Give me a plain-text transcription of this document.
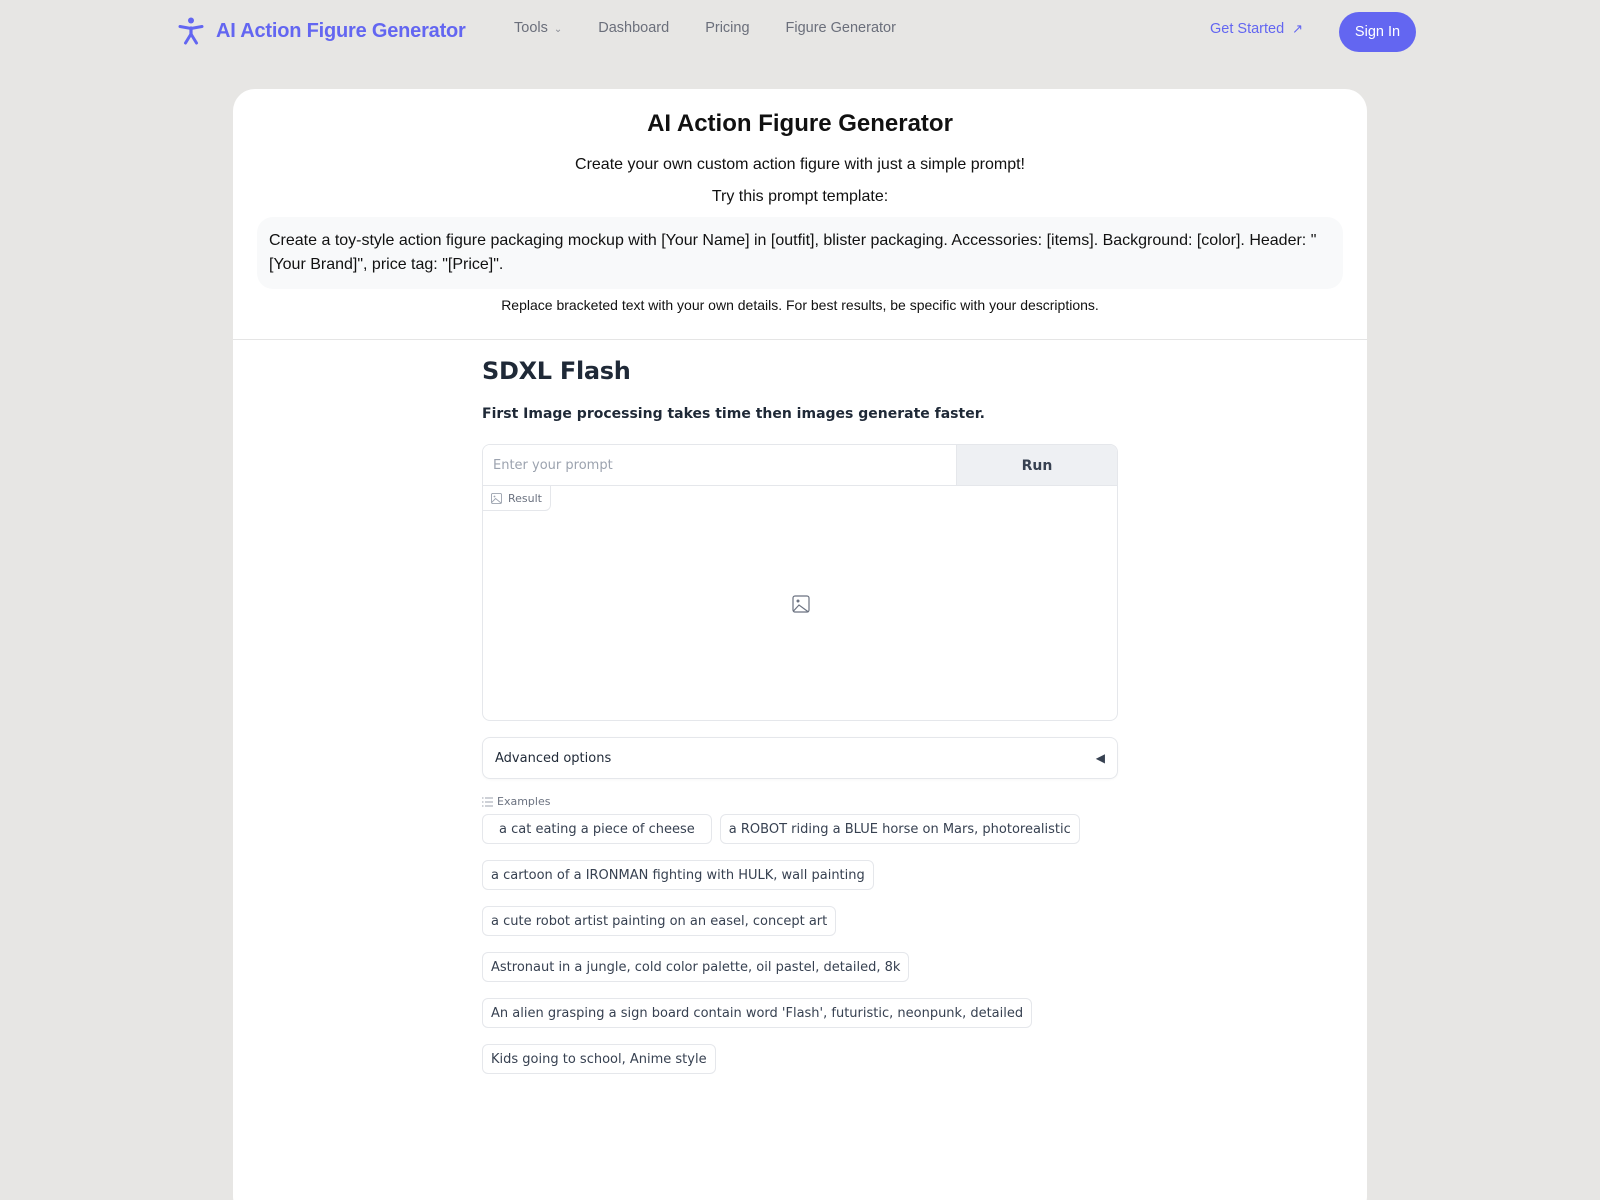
AI Action Figure Generator	Tools ⌄ Dashboard Pricing Figure Generator	Get Started ↗	Sign In
AI Action Figure Generator

Create your own custom action figure with just a simple prompt!

Try this prompt template:

Create a toy-style action figure packaging mockup with [Your Name] in [outfit], blister packaging. Accessories: [items]. Background: [color]. Header: "[Your Brand]", price tag: "[Price]".

Replace bracketed text with your own details. For best results, be specific with your descriptions.

SDXL Flash

First Image processing takes time then images generate faster.

Enter your prompt
Run
Result
Advanced options	◀
Examples
a cat eating a piece of cheese	a ROBOT riding a BLUE horse on Mars, photorealistic
a cartoon of a IRONMAN fighting with HULK, wall painting
a cute robot artist painting on an easel, concept art
Astronaut in a jungle, cold color palette, oil pastel, detailed, 8k
An alien grasping a sign board contain word 'Flash', futuristic, neonpunk, detailed
Kids going to school, Anime style
